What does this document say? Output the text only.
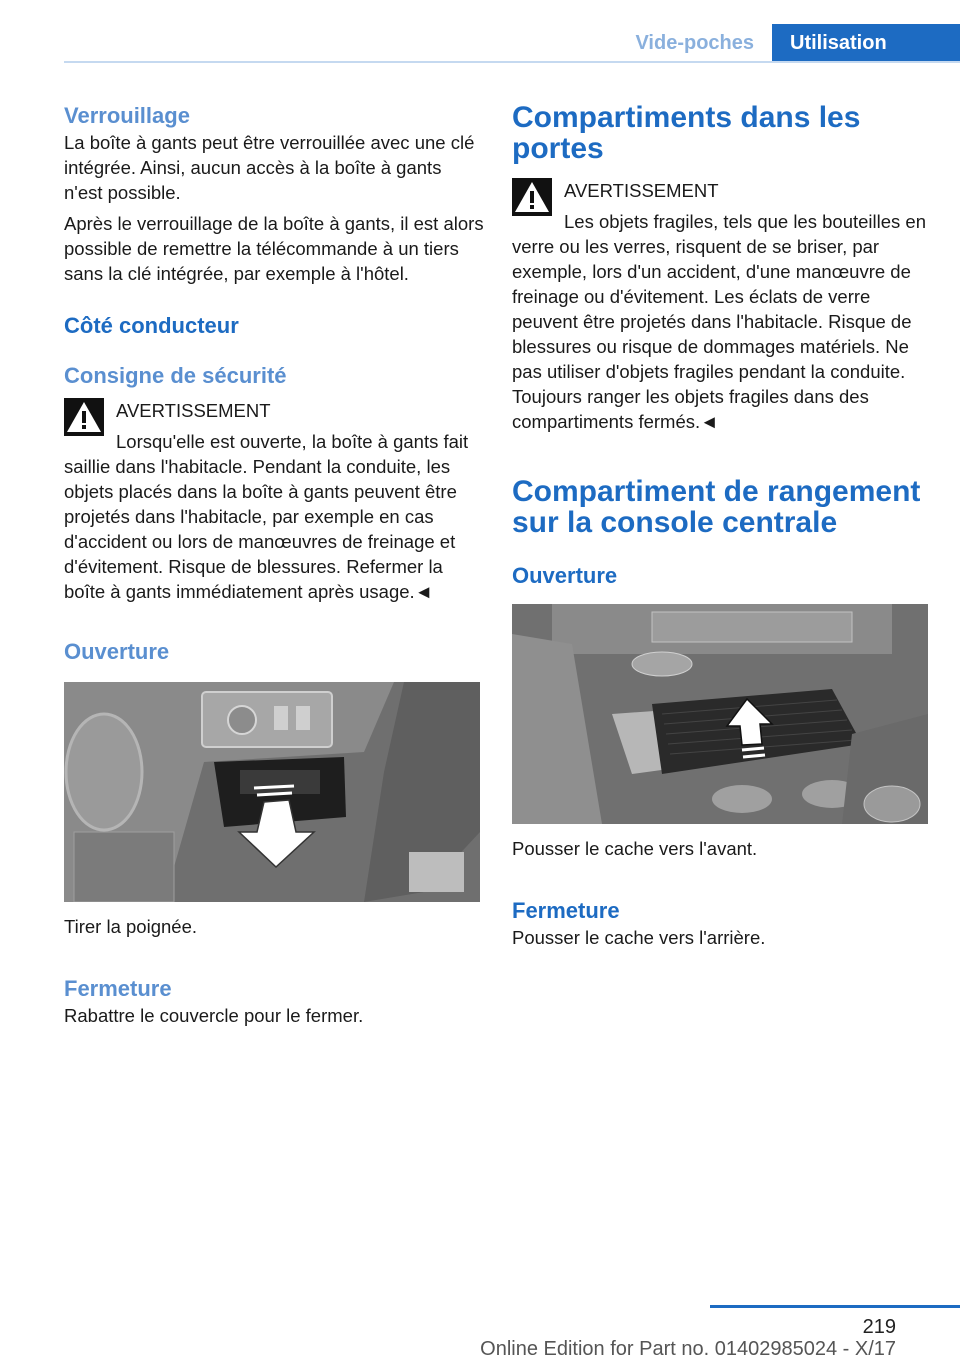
Vide-poches	Utilisation
Verrouillage

La boîte à gants peut être verrouillée avec une clé intégrée. Ainsi, aucun accès à la boîte à gants n'est possible.

Après le verrouillage de la boîte à gants, il est alors possible de remettre la télécommande à un tiers sans la clé intégrée, par exemple à l'hôtel.

Côté conducteur
Consigne de sécurité

AVERTISSEMENT

Lorsqu'elle est ouverte, la boîte à gants fait saillie dans l'habitacle. Pendant la conduite, les objets placés dans la boîte à gants peuvent être projetés dans l'habitacle, par exemple en cas d'accident ou lors de manœuvres de freinage et d'évitement. Risque de blessures. Refermer la boîte à gants immédiatement après usage.◄

Ouverture

Tirer la poignée.

Fermeture

Rabattre le couvercle pour le fermer.

Compartiments dans les portes

AVERTISSEMENT

Les objets fragiles, tels que les bouteilles en verre ou les verres, risquent de se briser, par exemple, lors d'un accident, d'une manœuvre de freinage ou d'évitement. Les éclats de verre peuvent être projetés dans l'habitacle. Risque de blessures ou risque de dommages matériels. Ne pas utiliser d'objets fragiles pendant la conduite. Toujours ranger les objets fragiles dans des compartiments fermés.◄

Compartiment de rangement sur la console centrale
Ouverture

Pousser le cache vers l'avant.

Fermeture

Pousser le cache vers l'arrière.

219
Online Edition for Part no. 01402985024 - X/17
